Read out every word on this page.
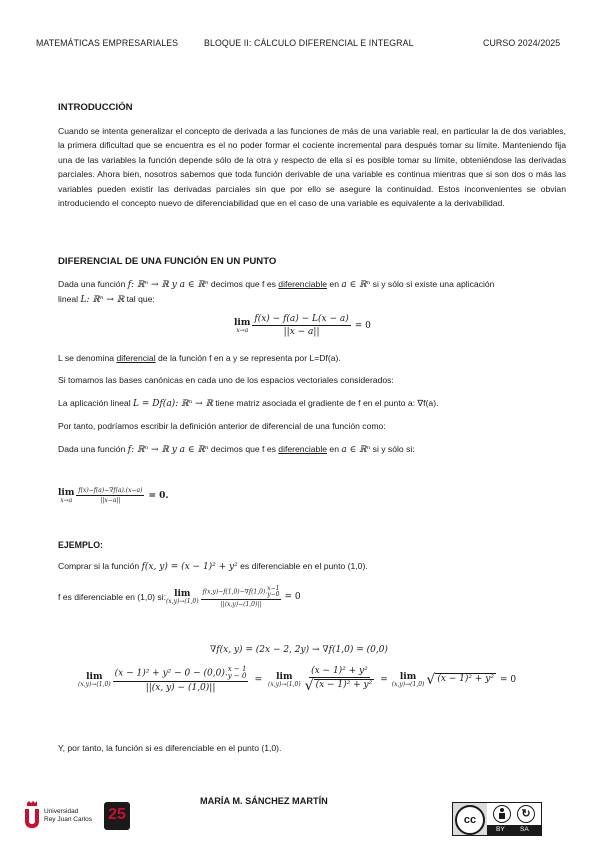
MATEMÁTICAS EMPRESARIALES	BLOQUE II: CÁLCULO DIFERENCIAL E INTEGRAL	CURSO 2024/2025
INTRODUCCIÓN
Cuando se intenta generalizar el concepto de derivada a las funciones de más de una variable real, en particular la de dos variables, la primera dificultad que se encuentra es el no poder formar el cociente incremental para después tomar su límite. Manteniendo fija una de las variables la función depende sólo de la otra y respecto de ella sí es posible tomar su límite, obteniéndose las derivadas parciales. Ahora bien, nosotros sabemos que toda función derivable de una variable es continua mientras que si son dos o más las variables pueden existir las derivadas parciales sin que por ello se asegure la continuidad. Estos inconvenientes se obvian introduciendo el concepto nuevo de diferenciabilidad que en el caso de una variable es equivalente a la derivabilidad.
DIFERENCIAL DE UNA FUNCIÓN EN UN PUNTO
Dada una función f: ℝⁿ → ℝ y a ∈ ℝⁿ decimos que f es diferenciable en a ∈ ℝⁿ si y sólo si existe una aplicación
lineal L: ℝⁿ → ℝ tal que:
lim
$x\to a \frac{f(x) - f(a) - L(x - a)}{||x - a||} = 0$
L se denomina diferencial de la función f en a y se representa por L=Df(a).
Si tomamos las bases canónicas en cada uno de los espacios vectoriales considerados:
La aplicación lineal L = Df(a): ℝⁿ → ℝ tiene matriz asociada el gradiente de f en el punto a: ∇f(a).
Por tanto, podríamos escribir la definición anterior de diferencial de una función como:
Dada una función f: ℝⁿ → ℝ y a ∈ ℝⁿ decimos que f es diferenciable en a ∈ ℝⁿ si y sólo si:
lim
$x\to a \frac{f(x)-f(a)-\nabla f(a).(x-a)}{||x-a||} = 0$.
EJEMPLO:
Comprar si la función f(x, y) = (x − 1)² + y² es diferenciable en el punto (1,0).
f es diferenciable en (1,0) si: lim
(x,y)→(1,0) f(x,y)−f(1,0)−∇f(1,0). x−1
y−0
||(x,y)−(1,0)|| = 0
∇f(x, y) = (2x − 2, 2y) → ∇f(1,0) = (0,0)
lim
(x,y)→(1,0) (x − 1)² + y² − 0 − (0,0). x − 1
y − 0
||(x, y) − (1,0)|| = lim
$(x,y)\to(1,0) \frac{\text{(x − 1)² + y²}}{\text{√ (x − 1)² + y²}} = \lim$
(x,y)→(1,0) √ (x − 1)² + y² = 0
Y, por tanto, la función si es diferenciable en el punto (1,0).
MARÍA M. SÁNCHEZ MARTÍN
Universidad
Rey Juan Carlos 25	cc	↻
BY SA
